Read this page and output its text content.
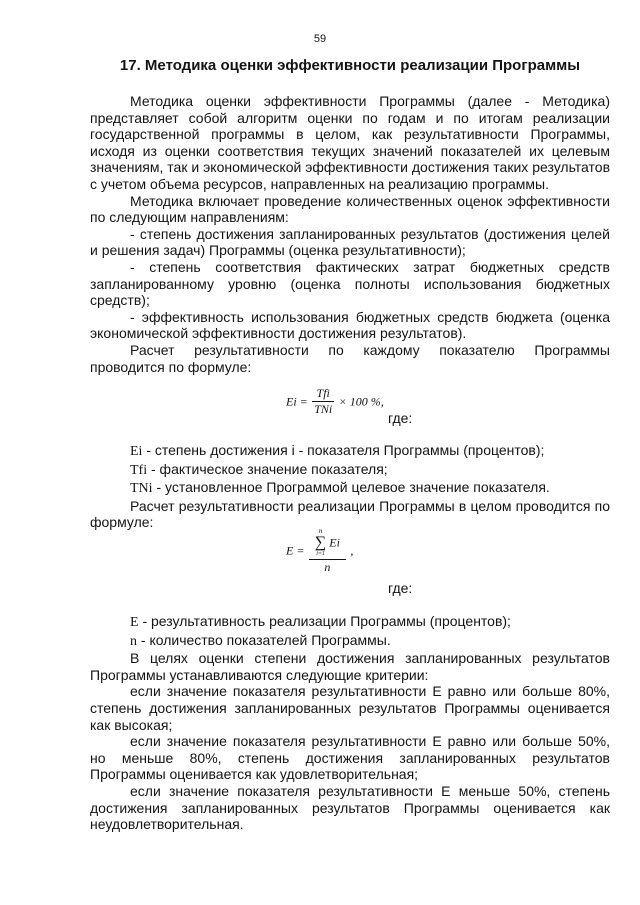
59
17. Методика оценки эффективности реализации Программы

Методика оценки эффективности Программы (далее - Методика) представляет собой алгоритм оценки по годам и по итогам реализации государственной программы в целом, как результативности Программы, исходя из оценки соответствия текущих значений показателей их целевым значениям, так и экономической эффективности достижения таких результатов с учетом объема ресурсов, направленных на реализацию программы.

Методика включает проведение количественных оценок эффективности по следующим направлениям:

- степень достижения запланированных результатов (достижения целей и решения задач) Программы (оценка результативности);

- степень соответствия фактических затрат бюджетных средств запланированному уровню (оценка полноты использования бюджетных средств);

- эффективность использования бюджетных средств бюджета (оценка экономической эффективности достижения результатов).

Расчет результативности по каждому показателю Программы проводится по формуле:

$Ei = \frac{\text{Tfi}}{\text{TNi}} \times 100$ %,
где:

Ei - степень достижения i - показателя Программы (процентов);

Tfi - фактическое значение показателя;

TNi - установленное Программой целевое значение показателя.

Расчет результативности реализации Программы в целом проводится по формуле:

E = n
∑
i=1
Ei
n ,
где:

E - результативность реализации Программы (процентов);

n - количество показателей Программы.

В целях оценки степени достижения запланированных результатов Программы устанавливаются следующие критерии:

если значение показателя результативности Е равно или больше 80%, степень достижения запланированных результатов Программы оценивается как высокая;

если значение показателя результативности Е равно или больше 50%, но меньше 80%, степень достижения запланированных результатов Программы оценивается как удовлетворительная;

если значение показателя результативности Е меньше 50%, степень достижения запланированных результатов Программы оценивается как неудовлетворительная.
